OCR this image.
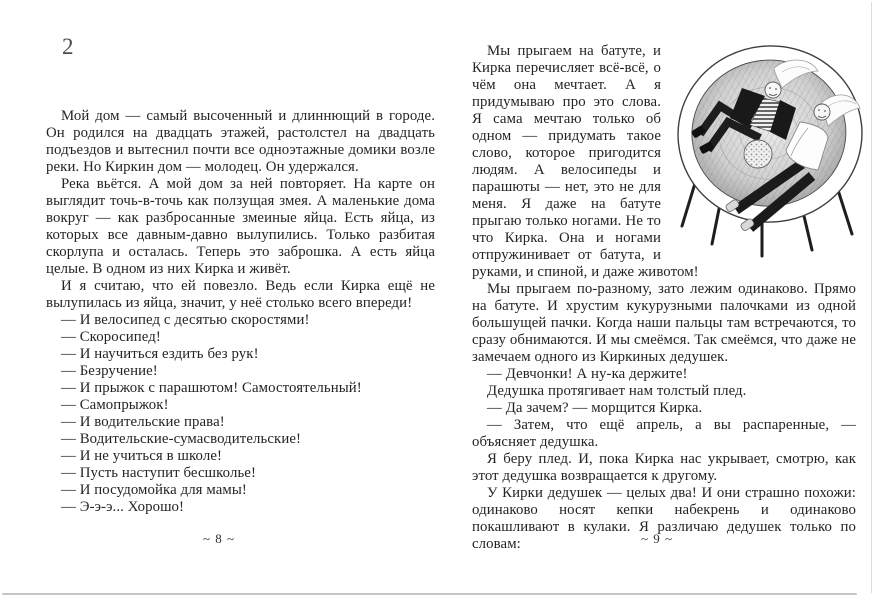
2

Мой дом — самый высоченный и длиннющий в городе. Он родился на двадцать этажей, растолстел на двадцать подъездов и вытеснил почти все одноэтажные домики возле реки. Но Киркин дом — молодец. Он удержался.

Река вьётся. А мой дом за ней повторяет. На карте он выглядит точь-в-точь как ползущая змея. А маленькие дома вокруг — как разбросанные змеиные яйца. Есть яйца, из которых все давным-давно вылупились. Только разбитая скорлупа и осталась. Теперь это заброшка. А есть яйца целые. В одном из них Кирка и живёт.

И я считаю, что ей повезло. Ведь если Кирка ещё не вылупилась из яйца, значит, у неё столько всего впереди!

— И велосипед с десятью скоростями!

— Скоросипед!

— И научиться ездить без рук!

— Безручение!

— И прыжок с парашютом! Самостоятельный!

— Самопрыжок!

— И водительские права!

— Водительские-сумасводительские!

— И не учиться в школе!

— Пусть наступит бесшколье!

— И посудомойка для мамы!

— Э-э-э... Хорошо!

~ 8 ~

Мы прыгаем на батуте, и Кирка перечисляет всё-всё, о чём она мечтает. А я придумываю про это слова. Я сама мечтаю только об одном — придумать такое слово, которое пригодится людям. А велосипеды и парашюты — нет, это не для меня. Я даже на батуте прыгаю только ногами. Не то что Кирка. Она и ногами отпружинивает от батута, и руками, и спиной, и даже животом!

Мы прыгаем по-разному, зато лежим одинаково. Прямо на батуте. И хрустим кукурузными палочками из одной большущей пачки. Когда наши пальцы там встречаются, то сразу обнимаются. И мы смеёмся. Так смеёмся, что даже не замечаем одного из Киркиных дедушек.

— Девчонки! А ну-ка держите!

Дедушка протягивает нам толстый плед.

— Да зачем? — морщится Кирка.

— Затем, что ещё апрель, а вы распаренные, — объясняет дедушка.

Я беру плед. И, пока Кирка нас укрывает, смотрю, как этот дедушка возвращается к другому.

У Кирки дедушек — целых два! И они страшно похожи: одинаково носят кепки набекрень и одинаково покашливают в кулаки. Я различаю дедушек только по словам:	~ 9 ~
